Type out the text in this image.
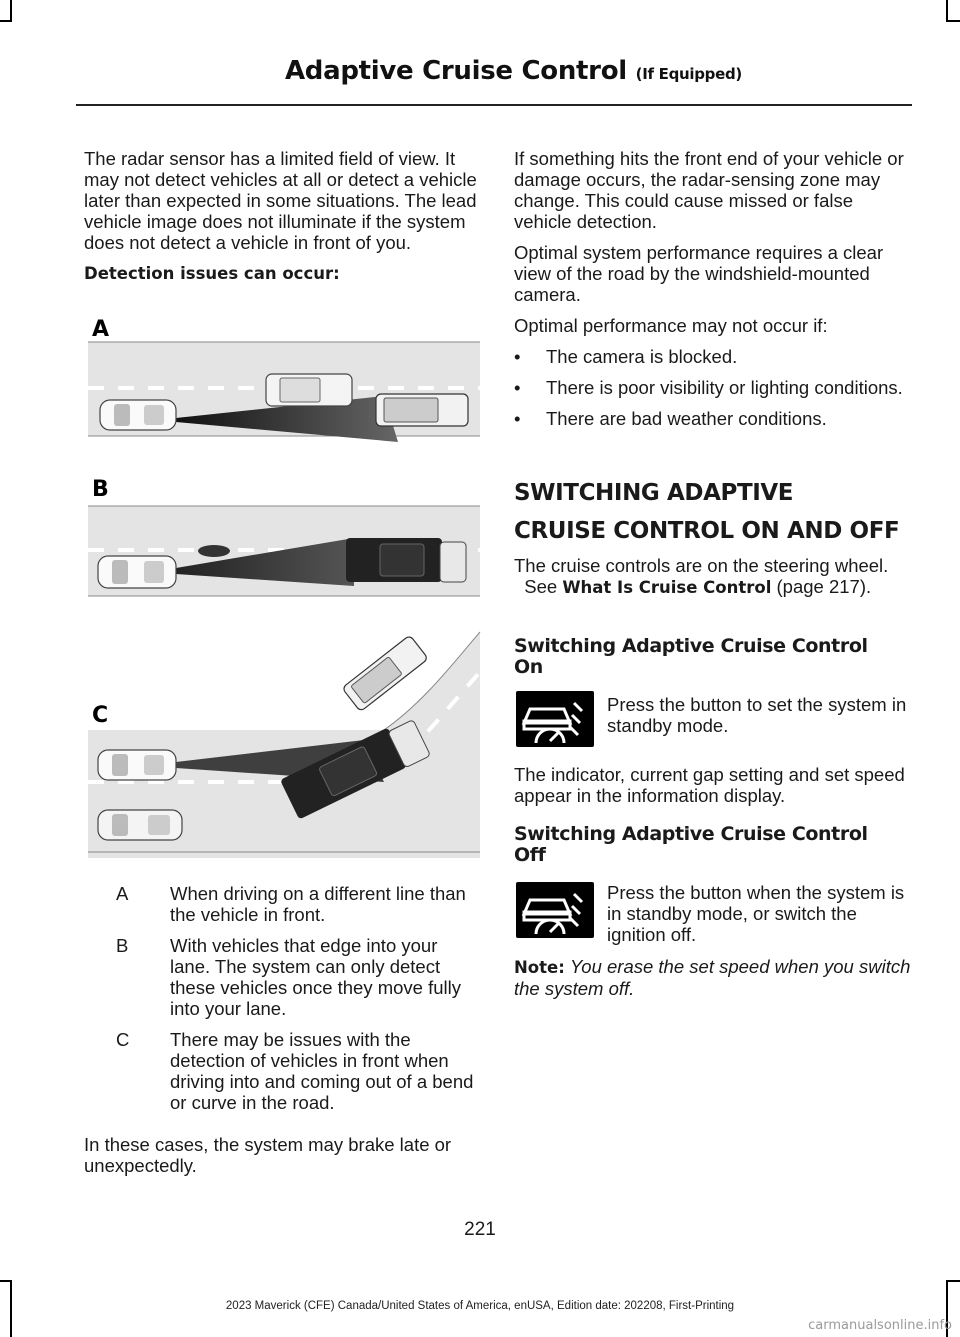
Adaptive Cruise Control (If Equipped)

The radar sensor has a limited field of view. It may not detect vehicles at all or detect a vehicle later than expected in some situations. The lead vehicle image does not illuminate if the system does not detect a vehicle in front of you.

Detection issues can occur:

A
B
C
A	When driving on a different line than the vehicle in front.
B	With vehicles that edge into your lane. The system can only detect these vehicles once they move fully into your lane.
C	There may be issues with the detection of vehicles in front when driving into and coming out of a bend or curve in the road.
In these cases, the system may brake late or unexpectedly.

If something hits the front end of your vehicle or damage occurs, the radar-sensing zone may change. This could cause missed or false vehicle detection.

Optimal system performance requires a clear view of the road by the windshield-mounted camera.

Optimal performance may not occur if:

•	The camera is blocked.
•	There is poor visibility or lighting conditions.
•	There are bad weather conditions.
SWITCHING ADAPTIVE
CRUISE CONTROL ON AND OFF
The cruise controls are on the steering wheel.   See What Is Cruise Control (page 217).
Switching Adaptive Cruise Control
On
Press the button to set the system in standby mode.
The indicator, current gap setting and set speed appear in the information display.
Switching Adaptive Cruise Control
Off
Press the button when the system is in standby mode, or switch the ignition off.
Note: You erase the set speed when you switch the system off.
221
2023 Maverick (CFE) Canada/United States of America, enUSA, Edition date: 202208, First-Printing
carmanualsonline.info
